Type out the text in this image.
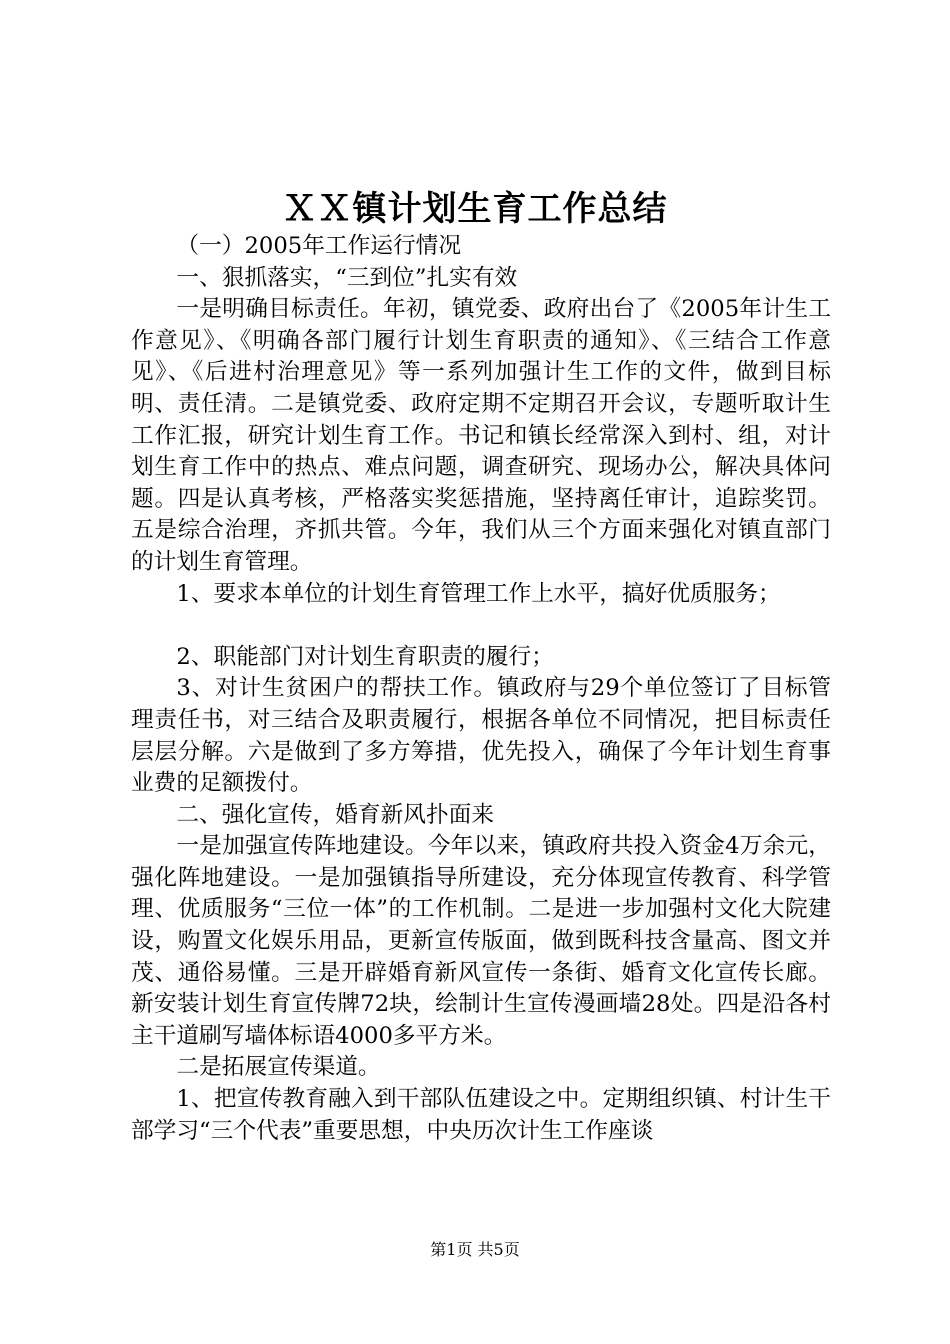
ＸＸ镇计划生育工作总结

（一）2005年工作运行情况

一、狠抓落实，“三到位”扎实有效

一是明确目标责任。年初，镇党委、政府出台了《2005年计生工作意见》、《明确各部门履行计划生育职责的通知》、《三结合工作意见》、《后进村治理意见》等一系列加强计生工作的文件，做到目标明、责任清。二是镇党委、政府定期不定期召开会议，专题听取计生工作汇报，研究计划生育工作。书记和镇长经常深入到村、组，对计划生育工作中的热点、难点问题，调查研究、现场办公，解决具体问题。四是认真考核，严格落实奖惩措施，坚持离任审计，追踪奖罚。五是综合治理，齐抓共管。今年，我们从三个方面来强化对镇直部门的计划生育管理。

1、要求本单位的计划生育管理工作上水平，搞好优质服务；

2、职能部门对计划生育职责的履行；

3、对计生贫困户的帮扶工作。镇政府与29个单位签订了目标管理责任书，对三结合及职责履行，根据各单位不同情况，把目标责任层层分解。六是做到了多方筹措，优先投入，确保了今年计划生育事业费的足额拨付。

二、强化宣传，婚育新风扑面来

一是加强宣传阵地建设。今年以来，镇政府共投入资金4万余元，强化阵地建设。一是加强镇指导所建设，充分体现宣传教育、科学管理、优质服务“三位一体”的工作机制。二是进一步加强村文化大院建设，购置文化娱乐用品，更新宣传版面，做到既科技含量高、图文并茂、通俗易懂。三是开辟婚育新风宣传一条街、婚育文化宣传长廊。新安装计划生育宣传牌72块，绘制计生宣传漫画墙28处。四是沿各村主干道刷写墙体标语4000多平方米。

二是拓展宣传渠道。

1、把宣传教育融入到干部队伍建设之中。定期组织镇、村计生干部学习“三个代表”重要思想，中央历次计生工作座谈

第1页 共5页
